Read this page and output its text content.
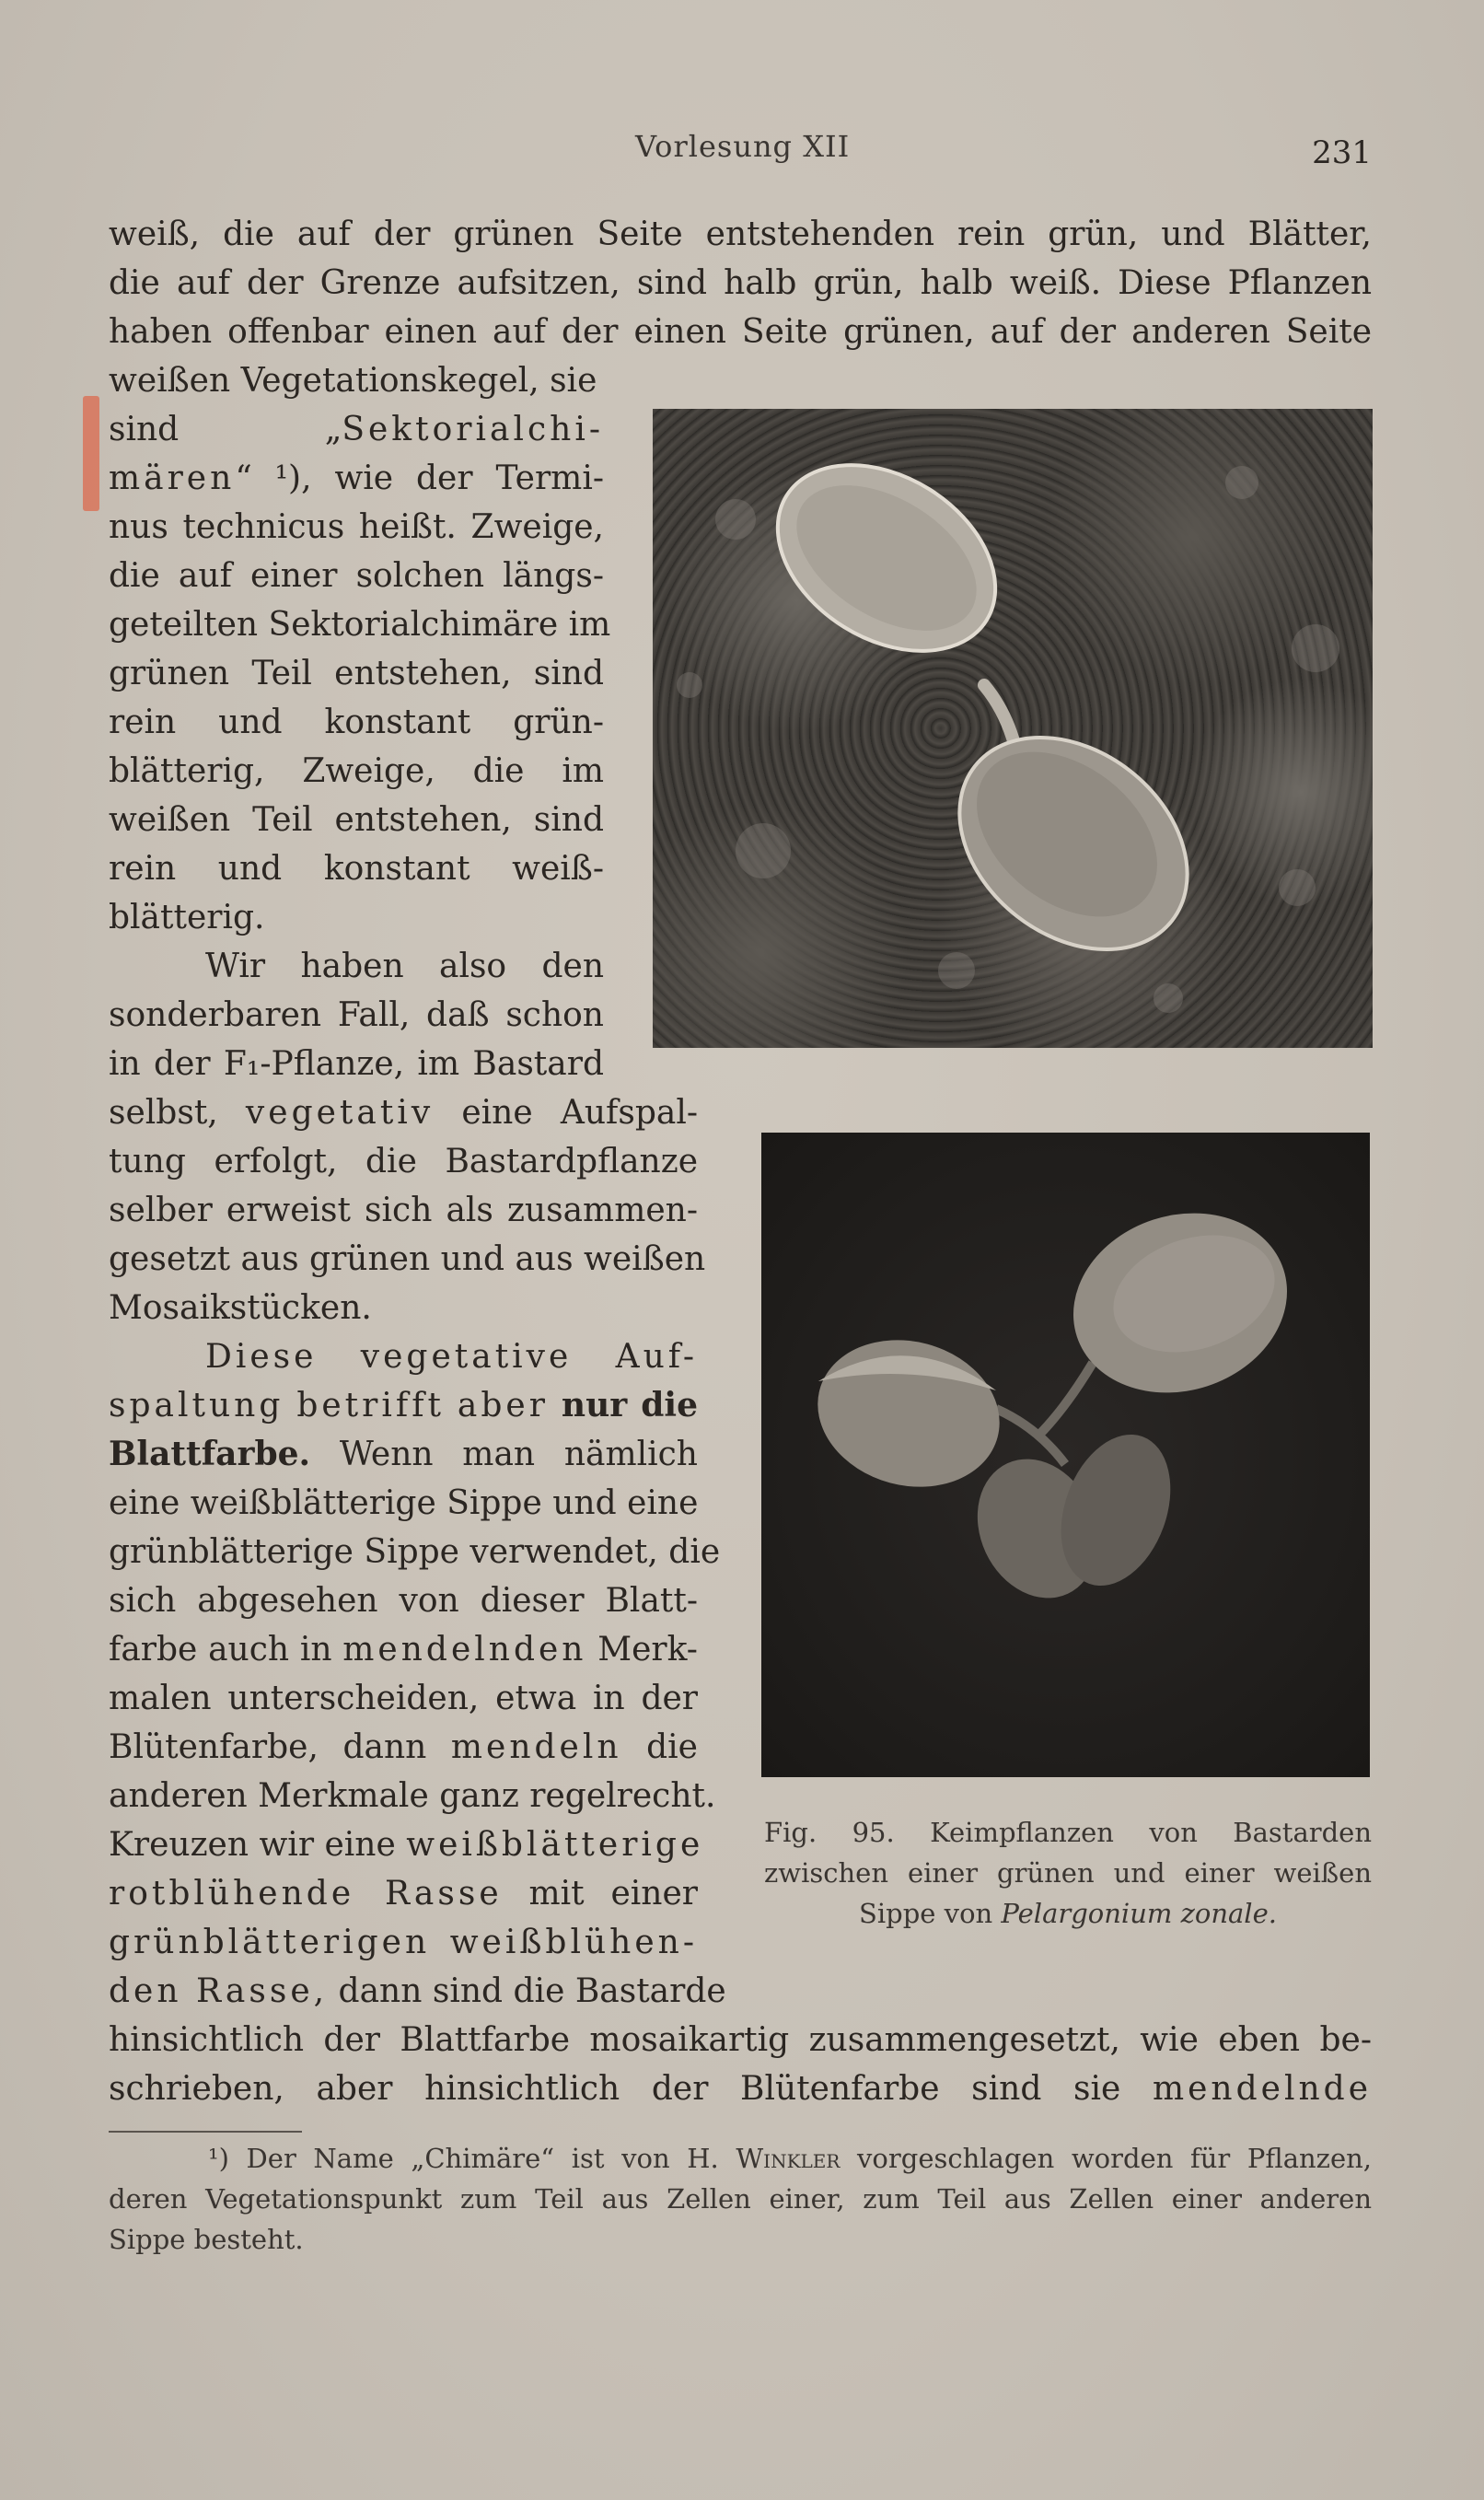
Vorlesung XII	231
weiß, die auf der grünen Seite entstehenden rein grün, und Blätter,
die auf der Grenze aufsitzen, sind halb grün, halb weiß. Diese Pflanzen
haben offenbar einen auf der einen Seite grünen, auf der anderen Seite
weißen Vegetationskegel, sie
sind „Sektorialchi-
mären“ ¹), wie der Termi-
nus technicus heißt. Zweige,
die auf einer solchen längs-
geteilten Sektorialchimäre im
grünen Teil entstehen, sind
rein und konstant grün-
blätterig, Zweige, die im
weißen Teil entstehen, sind
rein und konstant weiß-
blätterig.
Wir haben also den
sonderbaren Fall, daß schon
in der F₁-Pflanze, im Bastard
selbst, vegetativ eine Aufspal-
tung erfolgt, die Bastardpflanze
selber erweist sich als zusammen-
gesetzt aus grünen und aus weißen
Mosaikstücken.
Diese vegetative Auf-
spaltung betrifft aber nur die
Blattfarbe. Wenn man nämlich
eine weißblätterige Sippe und eine
grünblätterige Sippe verwendet, die
sich abgesehen von dieser Blatt-
farbe auch in mendelnden Merk-
malen unterscheiden, etwa in der
Blütenfarbe, dann mendeln die
anderen Merkmale ganz regelrecht.
Kreuzen wir eine weißblätterige
rotblühende Rasse mit einer
grünblätterigen weißblühen-
den Rasse, dann sind die Bastarde
hinsichtlich der Blattfarbe mosaikartig zusammengesetzt, wie eben be-
schrieben, aber hinsichtlich der Blütenfarbe sind sie mendelnde
Fig. 95. Keimpflanzen von Bastarden
zwischen einer grünen und einer weißen
Sippe von Pelargonium zonale.
¹) Der Name „Chimäre“ ist von H. Winkler vorgeschlagen worden für Pflanzen,
deren Vegetationspunkt zum Teil aus Zellen einer, zum Teil aus Zellen einer anderen
Sippe besteht.
